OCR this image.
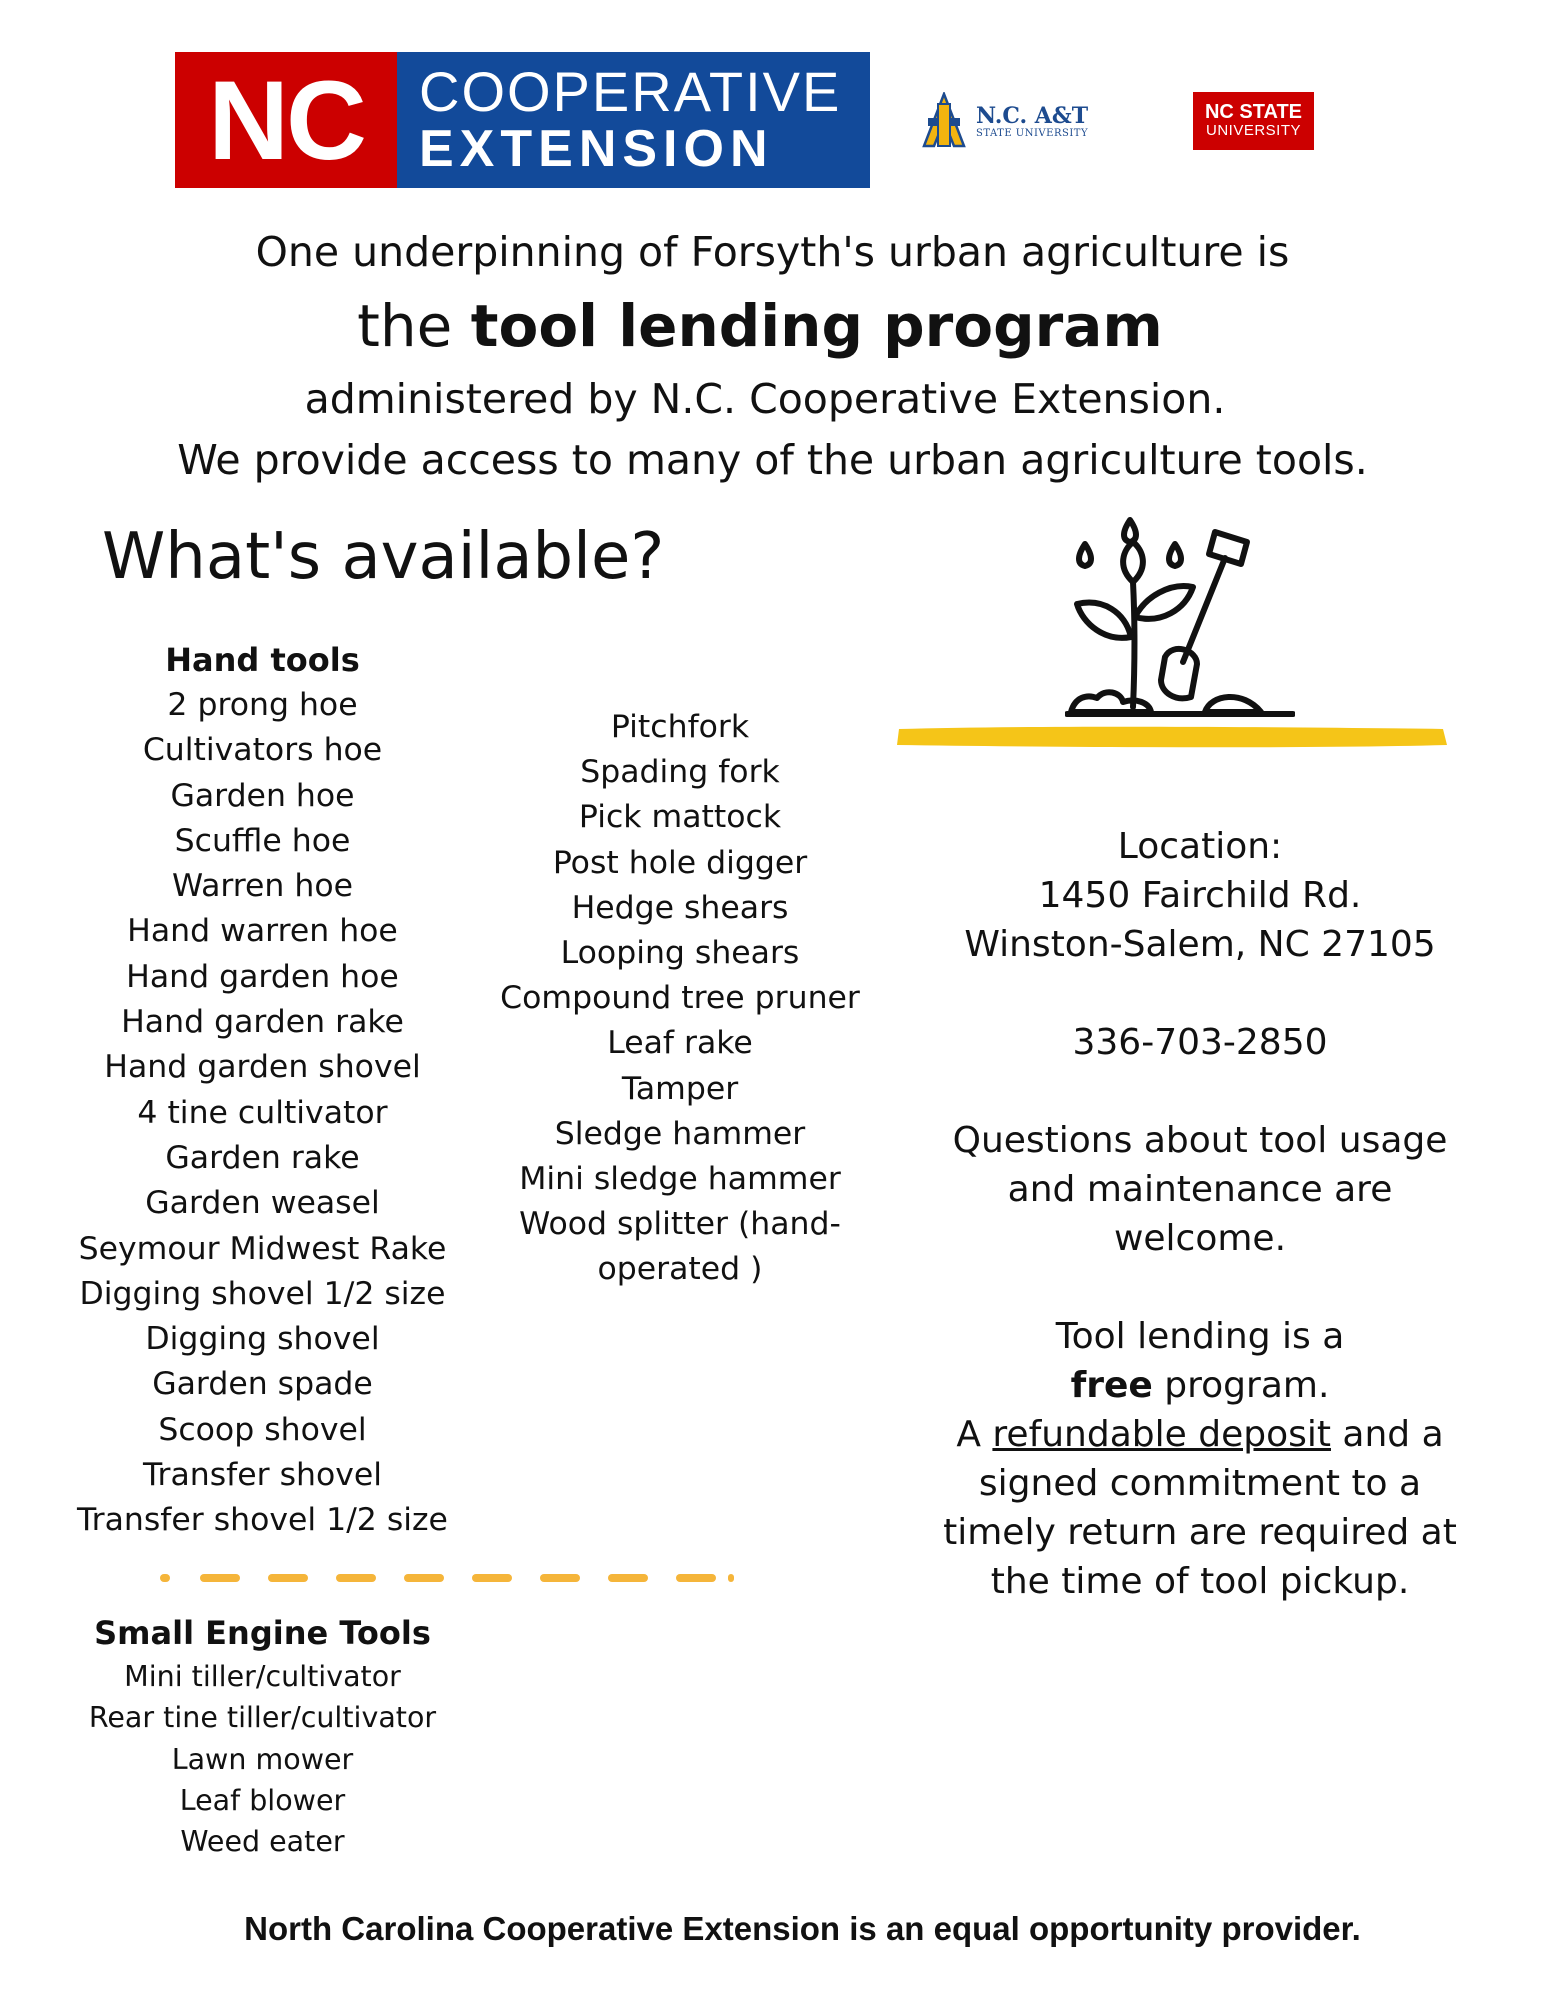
NC COOPERATIVE
EXTENSION
N.C. A&T
STATE UNIVERSITY
NC STATE
UNIVERSITY
One underpinning of Forsyth's urban agriculture is
the tool lending program
administered by N.C. Cooperative Extension.
We provide access to many of the urban agriculture tools.
What's available?
Hand tools
2 prong hoe
Cultivators hoe
Garden hoe
Scuffle hoe
Warren hoe
Hand warren hoe
Hand garden hoe
Hand garden rake
Hand garden shovel
4 tine cultivator
Garden rake
Garden weasel
Seymour Midwest Rake
Digging shovel 1/2 size
Digging shovel
Garden spade
Scoop shovel
Transfer shovel
Transfer shovel 1/2 size
Pitchfork
Spading fork
Pick mattock
Post hole digger
Hedge shears
Looping shears
Compound tree pruner
Leaf rake
Tamper
Sledge hammer
Mini sledge hammer
Wood splitter (hand-
operated )
Small Engine Tools
Mini tiller/cultivator
Rear tine tiller/cultivator
Lawn mower
Leaf blower
Weed eater
Location:
1450 Fairchild Rd.
Winston-Salem, NC 27105
336-703-2850
Questions about tool usage
and maintenance are
welcome.
Tool lending is a
free program.
A refundable deposit and a
signed commitment to a
timely return are required at
the time of tool pickup.
North Carolina Cooperative Extension is an equal opportunity provider.
